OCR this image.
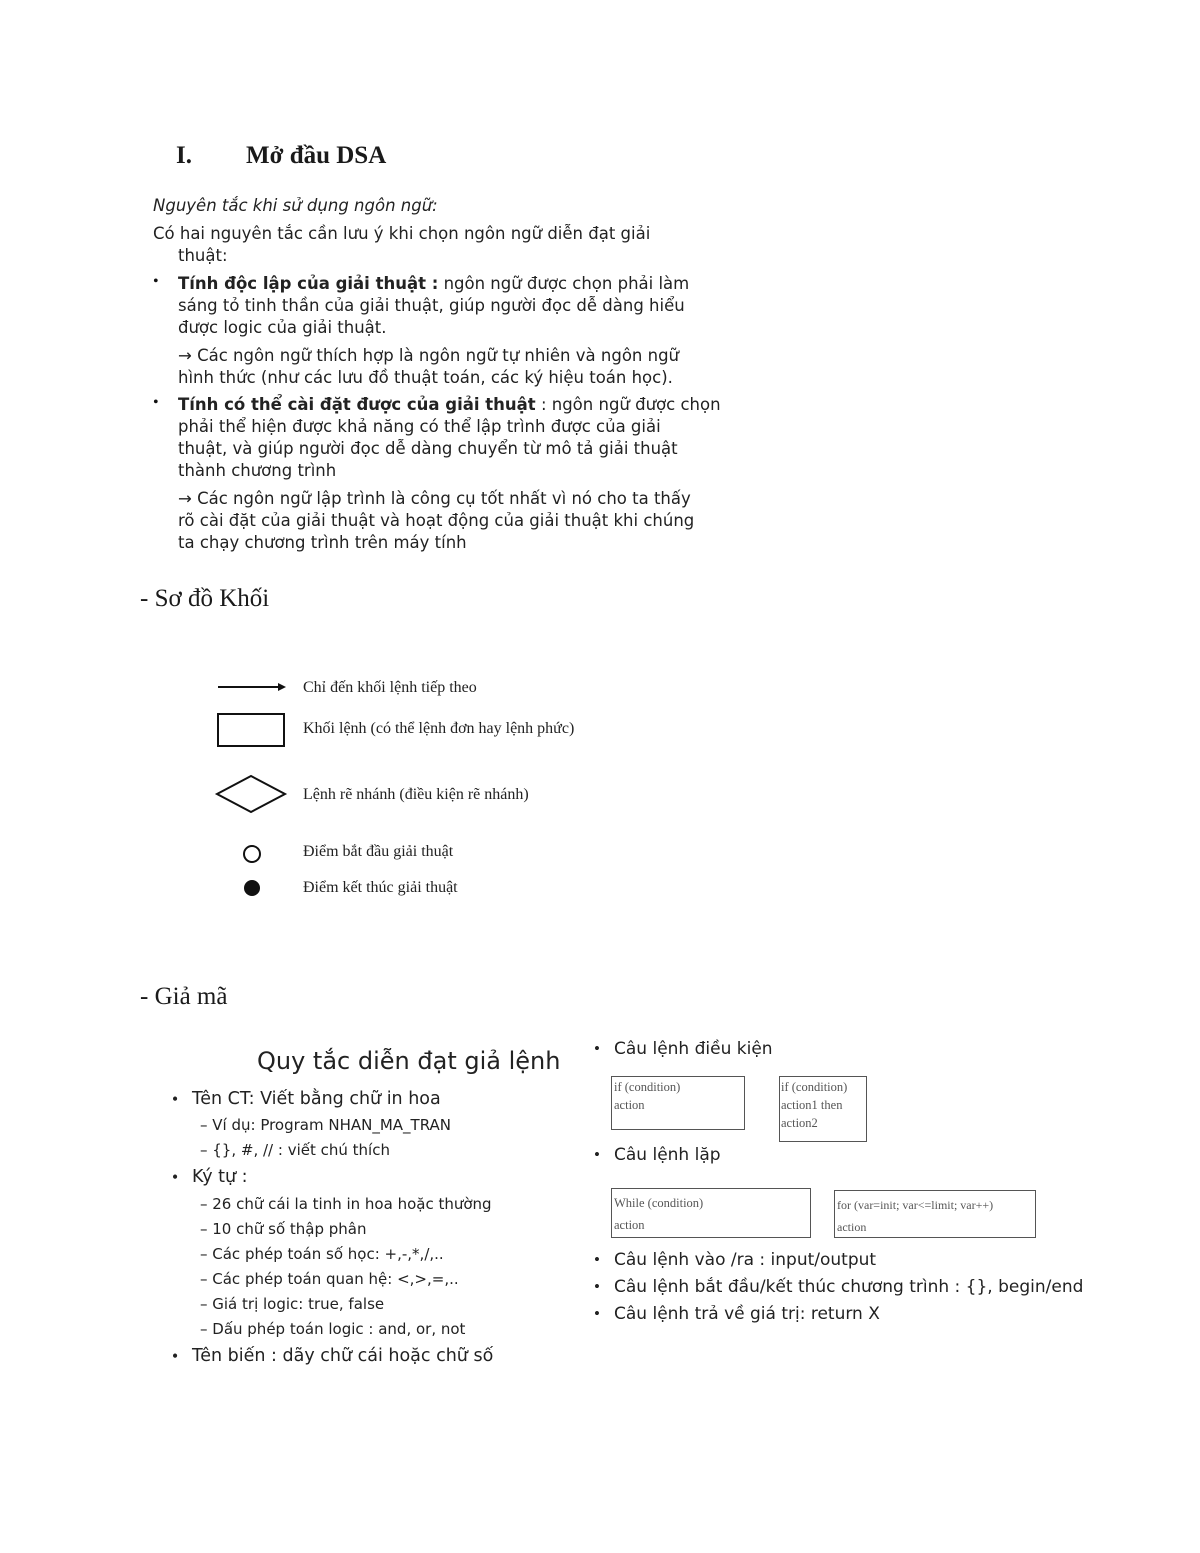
I. Mở đầu DSA
Nguyên tắc khi sử dụng ngôn ngữ:
Có hai nguyên tắc cần lưu ý khi chọn ngôn ngữ diễn đạt giải
thuật:
• Tính độc lập của giải thuật : ngôn ngữ được chọn phải làm
sáng tỏ tinh thần của giải thuật, giúp người đọc dễ dàng hiểu
được logic của giải thuật.
→ Các ngôn ngữ thích hợp là ngôn ngữ tự nhiên và ngôn ngữ
hình thức (như các lưu đồ thuật toán, các ký hiệu toán học).
• Tính có thể cài đặt được của giải thuật : ngôn ngữ được chọn
phải thể hiện được khả năng có thể lập trình được của giải
thuật, và giúp người đọc dễ dàng chuyển từ mô tả giải thuật
thành chương trình
→ Các ngôn ngữ lập trình là công cụ tốt nhất vì nó cho ta thấy
rõ cài đặt của giải thuật và hoạt động của giải thuật khi chúng
ta chạy chương trình trên máy tính
- Sơ đồ Khối
Chỉ đến khối lệnh tiếp theo
Khối lệnh (có thể lệnh đơn hay lệnh phức)
Lệnh rẽ nhánh (điều kiện rẽ nhánh)
Điểm bắt đầu giải thuật
Điểm kết thúc giải thuật
- Giả mã
Quy tắc diễn đạt giả lệnh
• Tên CT: Viết bằng chữ in hoa
– Ví dụ: Program NHAN_MA_TRAN
– {}, #, // : viết chú thích
• Ký tự :
– 26 chữ cái la tinh in hoa hoặc thường
– 10 chữ số thập phân
– Các phép toán số học: +,-,*,/,..
– Các phép toán quan hệ: <,>,=,..
– Giá trị logic: true, false
– Dấu phép toán logic : and, or, not
• Tên biến : dãy chữ cái hoặc chữ số
• Câu lệnh điều kiện
if (condition)
action
if (condition)
action1 then
action2
• Câu lệnh lặp
While (condition)
action
for (var=init; var<=limit; var++)
action
• Câu lệnh vào /ra : input/output
• Câu lệnh bắt đầu/kết thúc chương trình : {}, begin/end
• Câu lệnh trả về giá trị: return X
